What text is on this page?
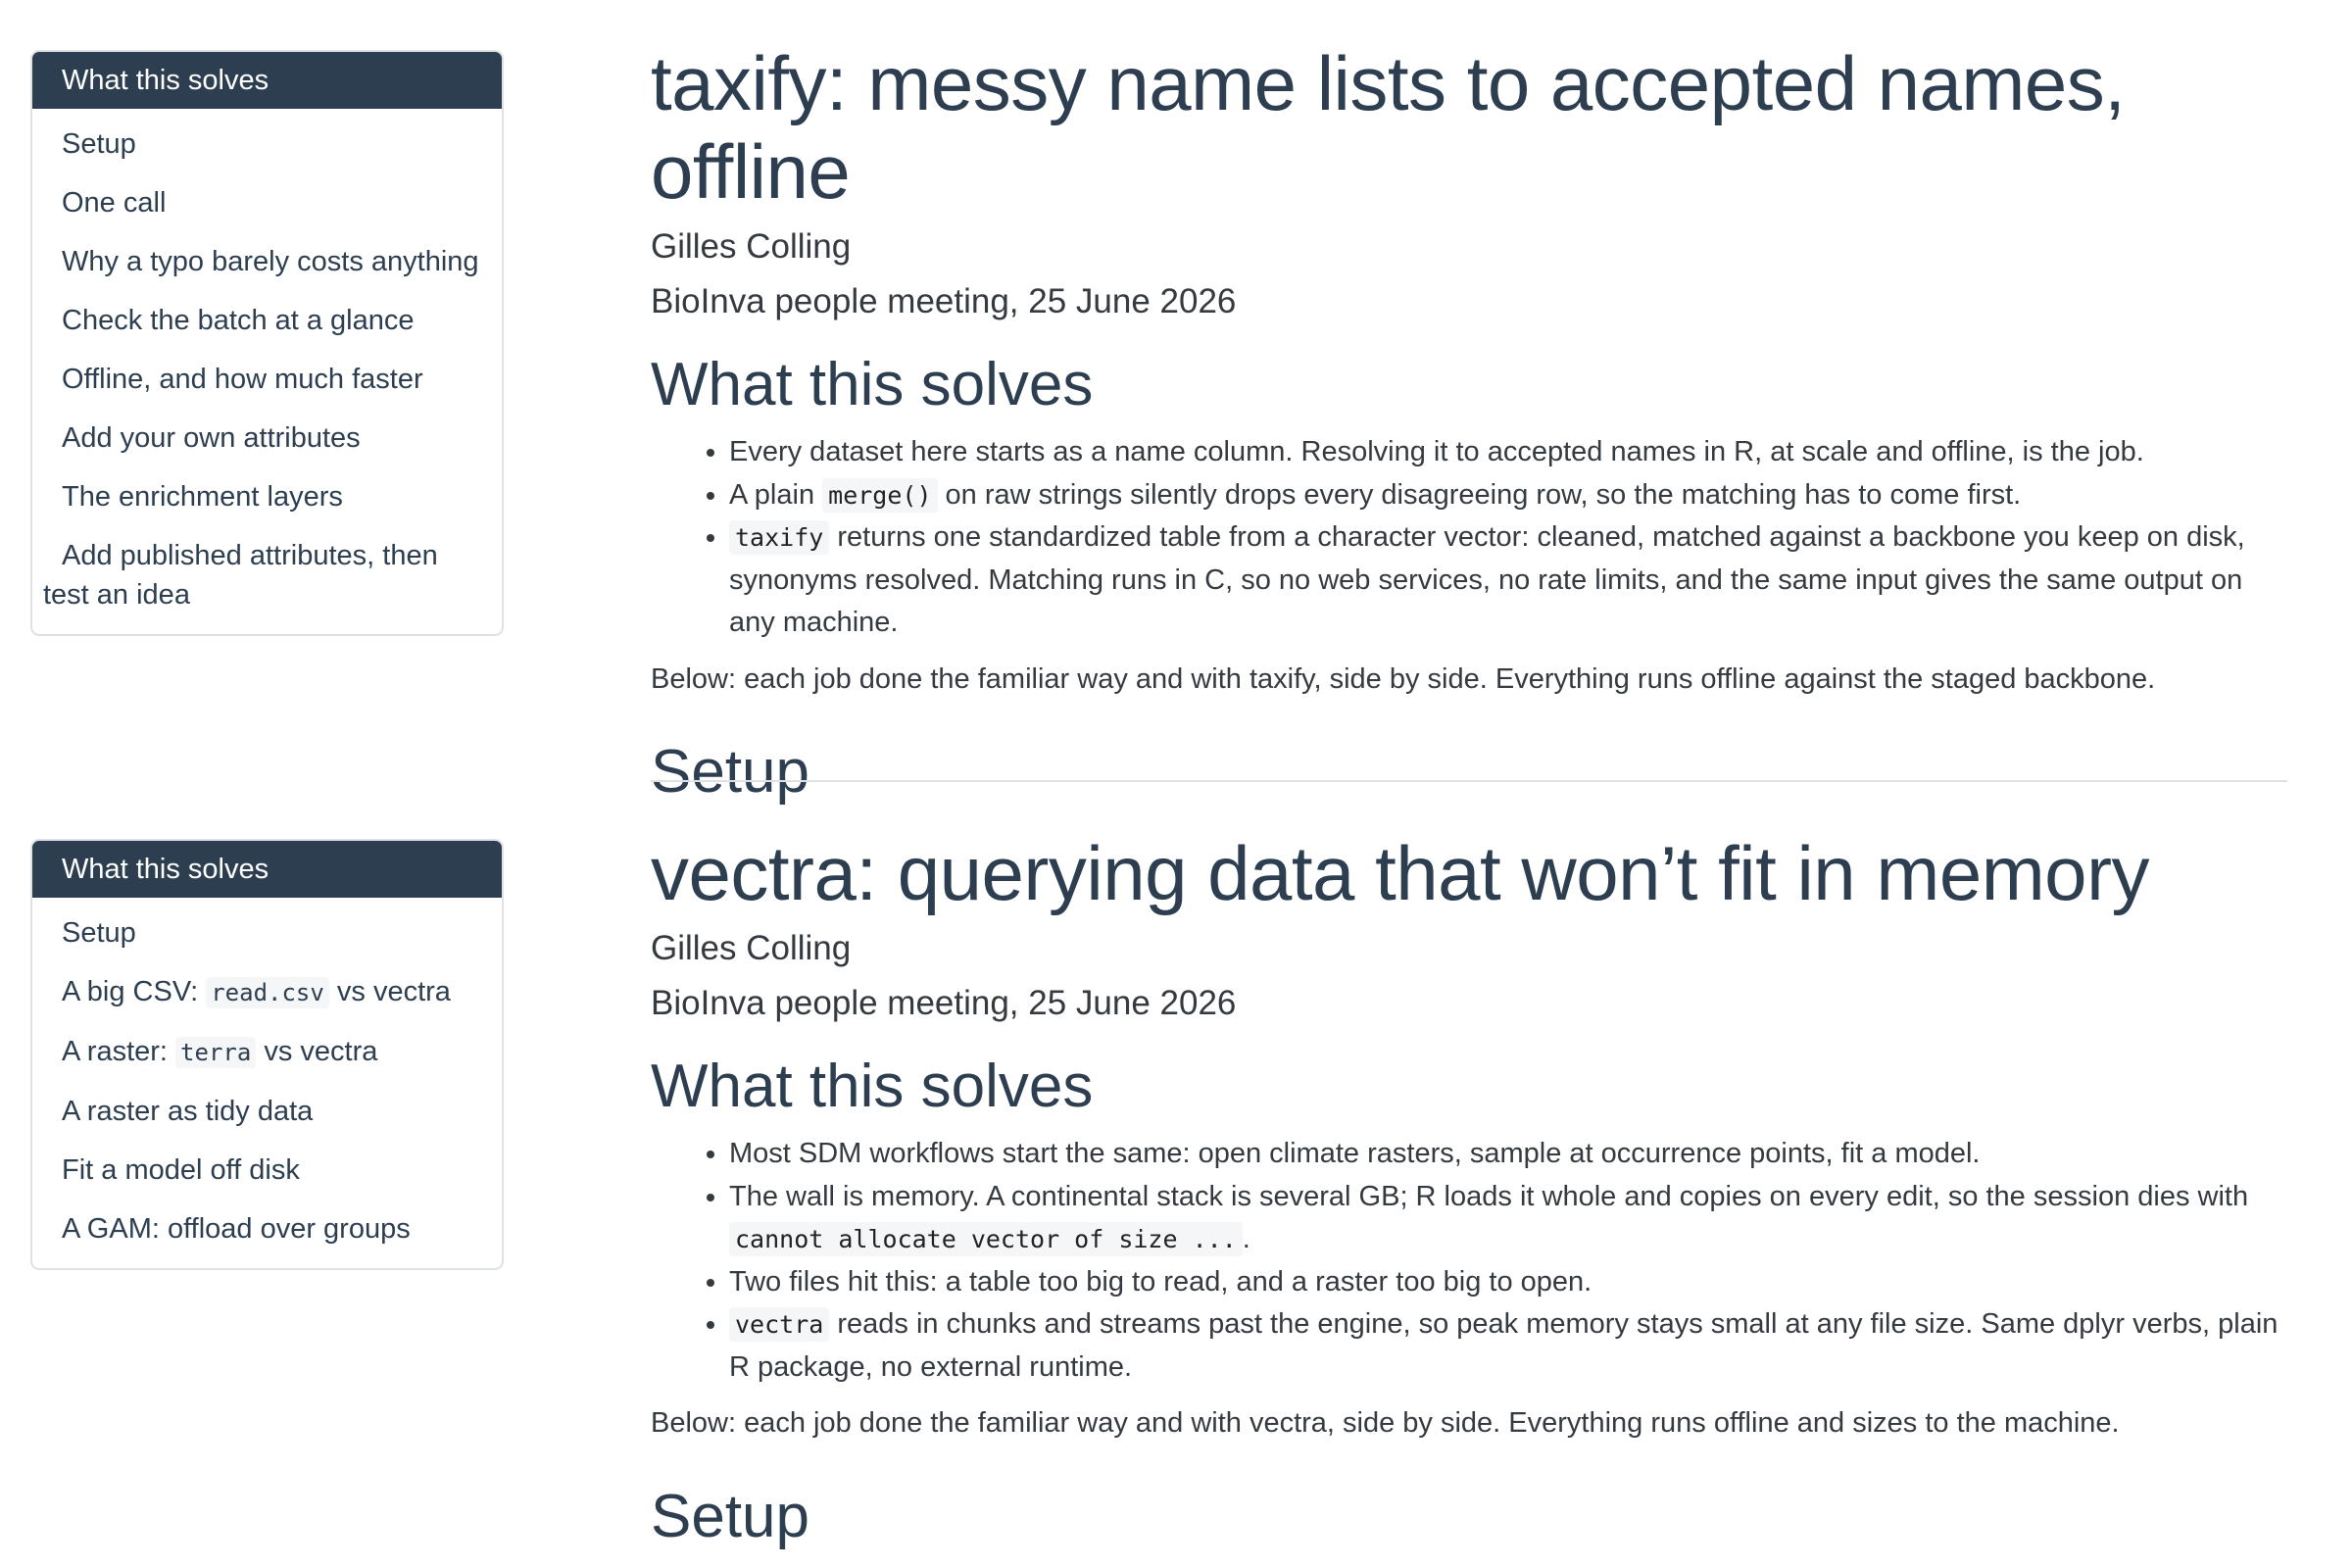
What this solves
Setup
One call
Why a typo barely costs anything
Check the batch at a glance
Offline, and how much faster
Add your own attributes
The enrichment layers
Add published attributes, then
test an idea
taxify: messy name lists to accepted names, offline

Gilles Colling

BioInva people meeting, 25 June 2026

What this solves
• Every dataset here starts as a name column. Resolving it to accepted names in R, at scale and offline, is the job.
• A plain merge() on raw strings silently drops every disagreeing row, so the matching has to come first.
• taxify returns one standardized table from a character vector: cleaned, matched against a backbone you keep on disk, synonyms resolved. Matching runs in C, so no web services, no rate limits, and the same input gives the same output on any machine.

Below: each job done the familiar way and with taxify, side by side. Everything runs offline against the staged backbone.

Setup
What this solves
Setup
A big CSV: read.csv vs vectra
A raster: terra vs vectra
A raster as tidy data
Fit a model off disk
A GAM: offload over groups
vectra: querying data that won’t fit in memory

Gilles Colling

BioInva people meeting, 25 June 2026

What this solves
• Most SDM workflows start the same: open climate rasters, sample at occurrence points, fit a model.
• The wall is memory. A continental stack is several GB; R loads it whole and copies on every edit, so the session dies with cannot allocate vector of size ... .
• Two files hit this: a table too big to read, and a raster too big to open.
• vectra reads in chunks and streams past the engine, so peak memory stays small at any file size. Same dplyr verbs, plain R package, no external runtime.

Below: each job done the familiar way and with vectra, side by side. Everything runs offline and sizes to the machine.

Setup
